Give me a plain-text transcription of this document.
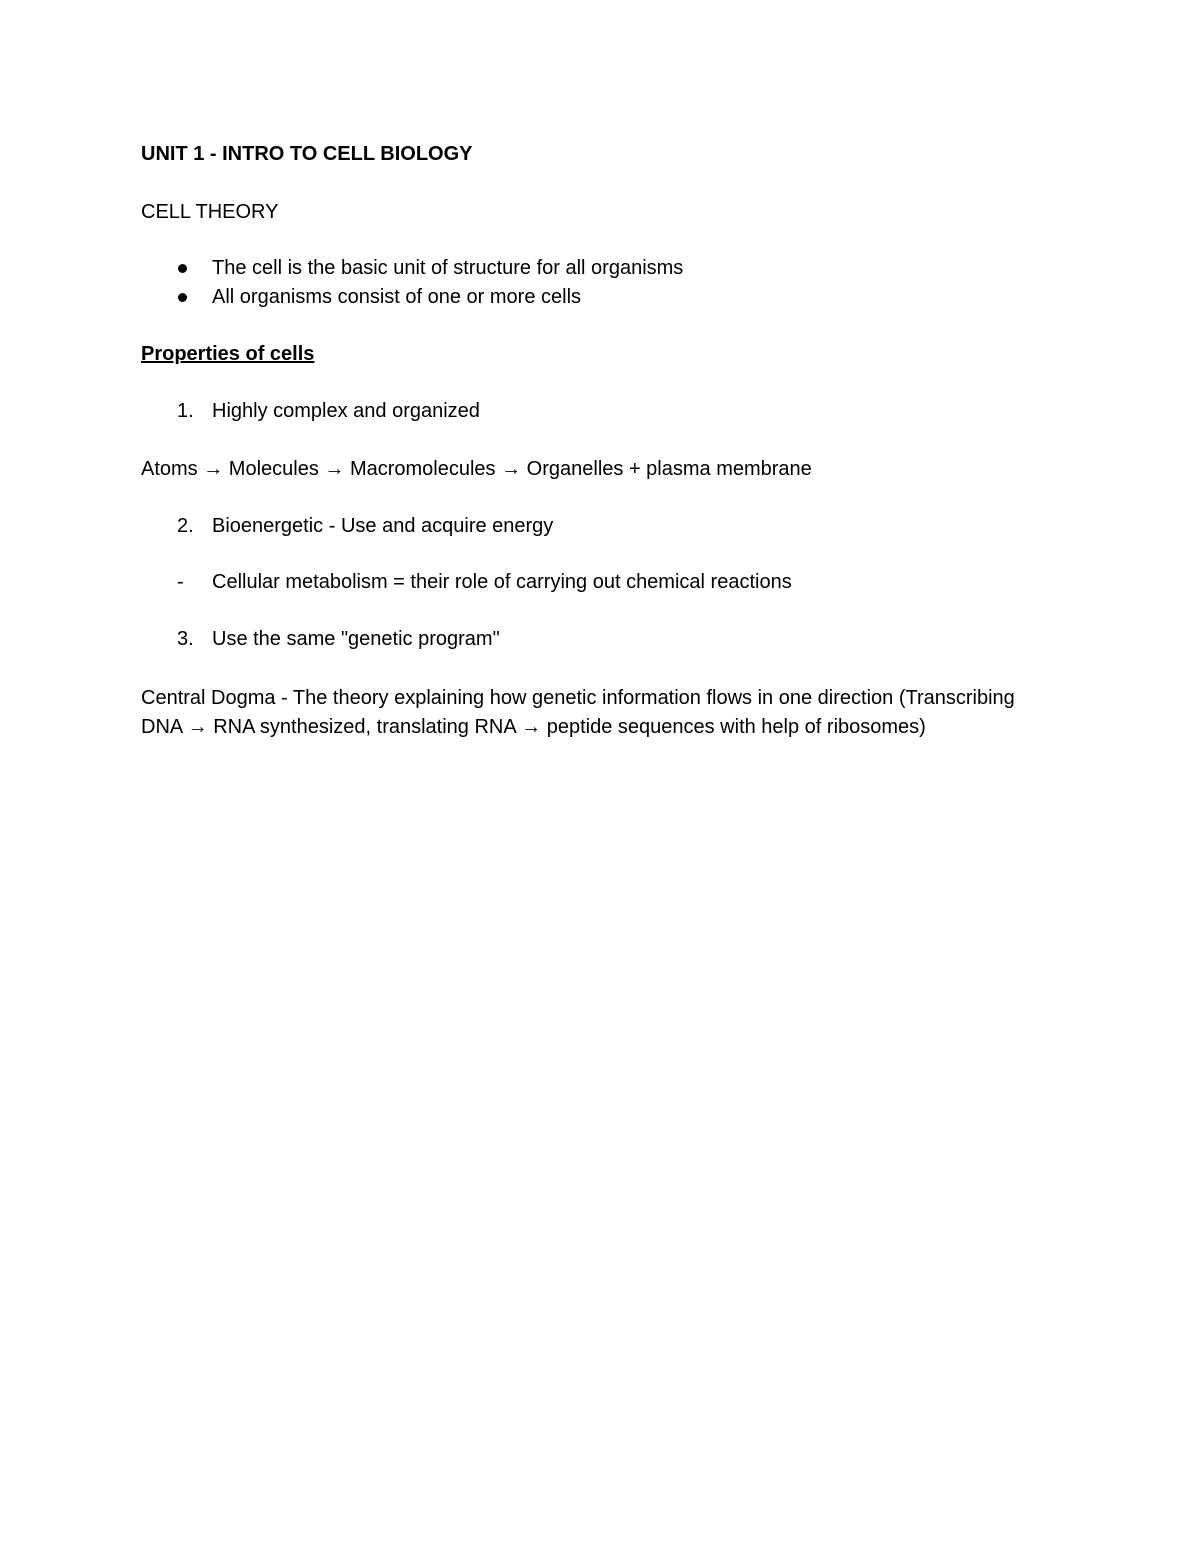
UNIT 1 - INTRO TO CELL BIOLOGY
CELL THEORY
The cell is the basic unit of structure for all organisms
All organisms consist of one or more cells
Properties of cells
1. Highly complex and organized
Atoms → Molecules → Macromolecules → Organelles + plasma membrane
2. Bioenergetic - Use and acquire energy
- Cellular metabolism = their role of carrying out chemical reactions
3. Use the same "genetic program"
Central Dogma - The theory explaining how genetic information flows in one direction (Transcribing DNA → RNA synthesized, translating RNA → peptide sequences with help of ribosomes)
